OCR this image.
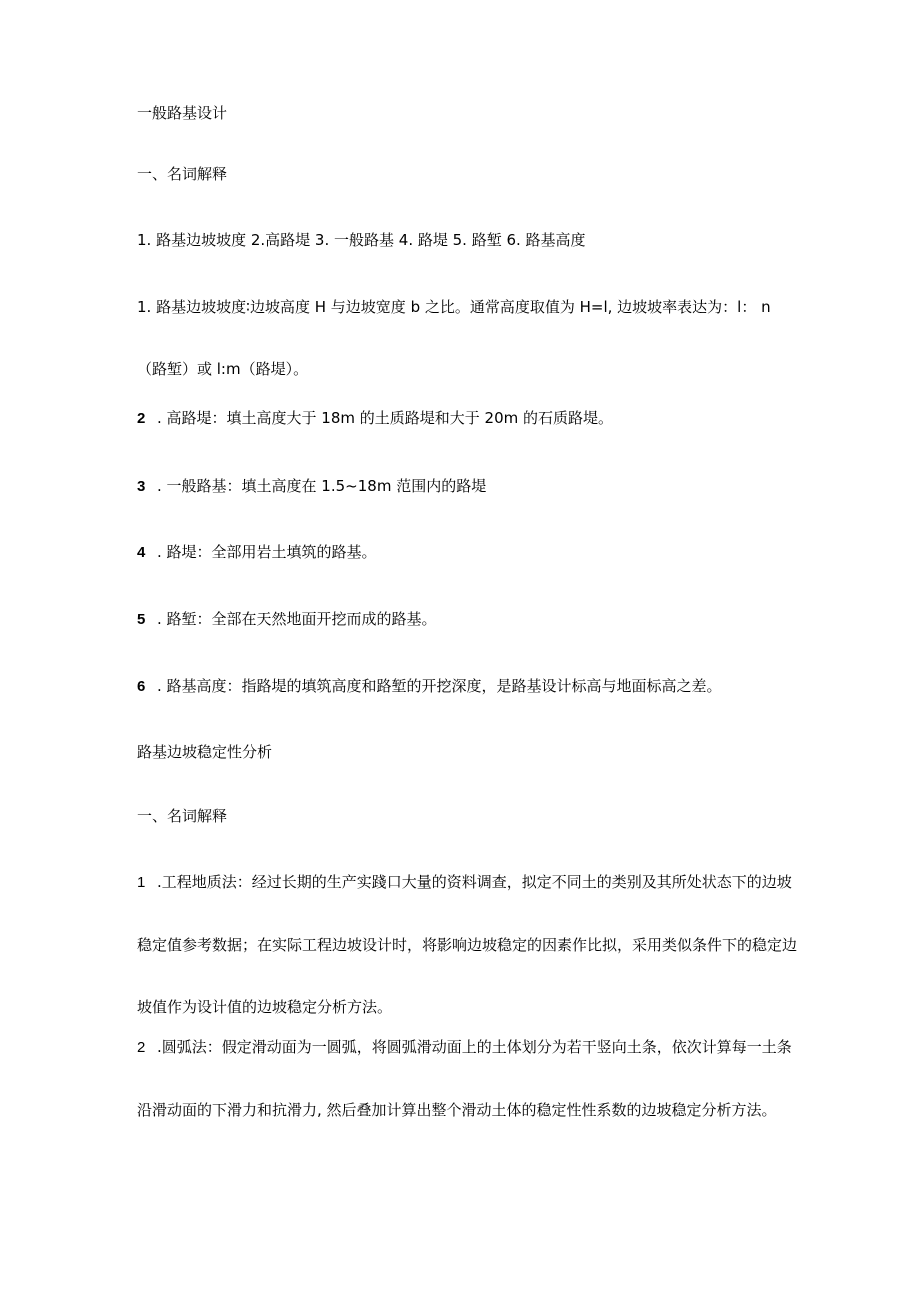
一般路基设计
一、名词解释
1. 路基边坡坡度 2.高路堤 3. 一般路基 4. 路堤 5. 路堑 6. 路基高度
1. 路基边坡坡度∶边坡高度 H 与边坡宽度 b 之比。通常高度取值为 H=l, 边坡坡率表达为：l： n（路堑）或 l:m（路堤）。
2 . 高路堤：填土高度大于 18m 的土质路堤和大于 20m 的石质路堤。
3 . 一般路基：填土高度在 1.5~18m 范围内的路堤
4 . 路堤：全部用岩土填筑的路基。
5 . 路堑：全部在天然地面开挖而成的路基。
6 . 路基高度：指路堤的填筑高度和路堑的开挖深度，是路基设计标高与地面标高之差。
路基边坡稳定性分析
一、名词解释
1 .工程地质法：经过长期的生产实踐口大量的资料调查，拟定不同土的类别及其所处状态下的边坡稳定值参考数据；在实际工程边坡设计时，将影响边坡稳定的因素作比拟，采用类似条件下的稳定边坡值作为设计值的边坡稳定分析方法。
2 .圆弧法：假定滑动面为一圆弧，将圆弧滑动面上的土体划分为若干竖向土条，依次计算每一土条沿滑动面的下滑力和抗滑力, 然后叠加计算出整个滑动土体的稳定性性系数的边坡稳定分析方法。
